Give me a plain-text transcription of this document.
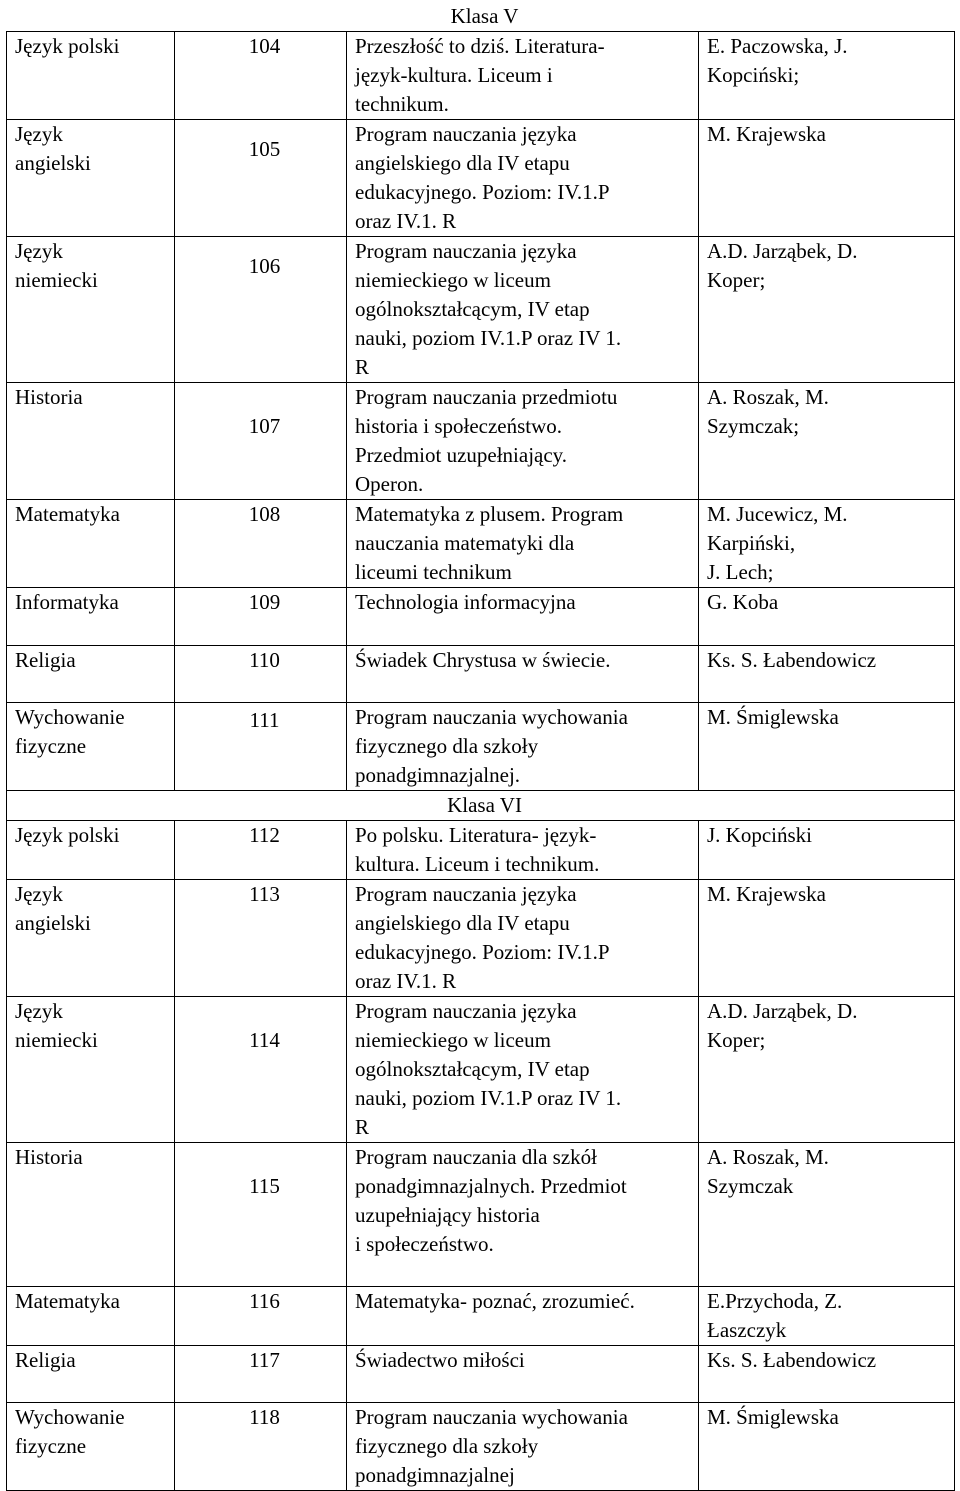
Klasa V			
Język polski	104	Przeszłość to dziś. Literatura-
język-kultura. Liceum i
technikum.	E. Paczowska, J.
Kopciński;
Język
angielski	105	Program nauczania języka
angielskiego dla IV etapu
edukacyjnego. Poziom: IV.1.P
oraz IV.1. R	M. Krajewska
Język
niemiecki	106	Program nauczania języka
niemieckiego w liceum
ogólnokształcącym, IV etap
nauki, poziom IV.1.P oraz IV 1.
R	A.D. Jarząbek, D.
Koper;
Historia	107	Program nauczania przedmiotu
historia i społeczeństwo.
Przedmiot uzupełniający.
Operon.	A. Roszak, M.
Szymczak;
Matematyka	108	Matematyka z plusem. Program
nauczania matematyki dla
liceumi technikum	M. Jucewicz, M.
Karpiński,
J. Lech;
Informatyka	109	Technologia informacyjna	G. Koba
Religia	110	Świadek Chrystusa w świecie.	Ks. S. Łabendowicz
Wychowanie
fizyczne	111	Program nauczania wychowania
fizycznego dla szkoły
ponadgimnazjalnej.	M. Śmiglewska
Klasa VI			
Język polski	112	Po polsku. Literatura- język-
kultura. Liceum i technikum.	J. Kopciński
Język
angielski	113	Program nauczania języka
angielskiego dla IV etapu
edukacyjnego. Poziom: IV.1.P
oraz IV.1. R	M. Krajewska
Język
niemiecki	114	Program nauczania języka
niemieckiego w liceum
ogólnokształcącym, IV etap
nauki, poziom IV.1.P oraz IV 1.
R	A.D. Jarząbek, D.
Koper;
Historia	115	Program nauczania dla szkół
ponadgimnazjalnych. Przedmiot
uzupełniający historia
i społeczeństwo.	A. Roszak, M.
Szymczak
Matematyka	116	Matematyka- poznać, zrozumieć.	E.Przychoda, Z.
Łaszczyk
Religia	117	Świadectwo miłości	Ks. S. Łabendowicz
Wychowanie
fizyczne	118	Program nauczania wychowania
fizycznego dla szkoły
ponadgimnazjalnej	M. Śmiglewska
